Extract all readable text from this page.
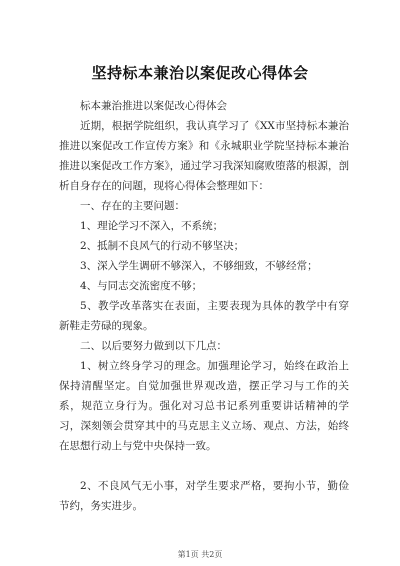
坚持标本兼治以案促改心得体会

标本兼治推进以案促改心得体会

近期，根据学院组织，我认真学习了《XX市坚持标本兼治推进以案促改工作宣传方案》和《永城职业学院坚持标本兼治推进以案促改工作方案》，通过学习我深知腐败堕落的根源，剖析自身存在的问题，现将心得体会整理如下：

一、存在的主要问题：

1、理论学习不深入，不系统；

2、抵制不良风气的行动不够坚决；

3、深入学生调研不够深入，不够细致，不够经常；

4、与同志交流密度不够；

5、教学改革落实在表面，主要表现为具体的教学中有穿新鞋走劳碌的现象。

二、以后要努力做到以下几点：

1、树立终身学习的理念。加强理论学习，始终在政治上保持清醒坚定。自觉加强世界观改造，摆正学习与工作的关系，规范立身行为。强化对习总书记系列重要讲话精神的学习，深刻领会贯穿其中的马克思主义立场、观点、方法，始终在思想行动上与党中央保持一致。

2、不良风气无小事，对学生要求严格，要拘小节，勤俭节约，务实进步。

第1页 共2页
